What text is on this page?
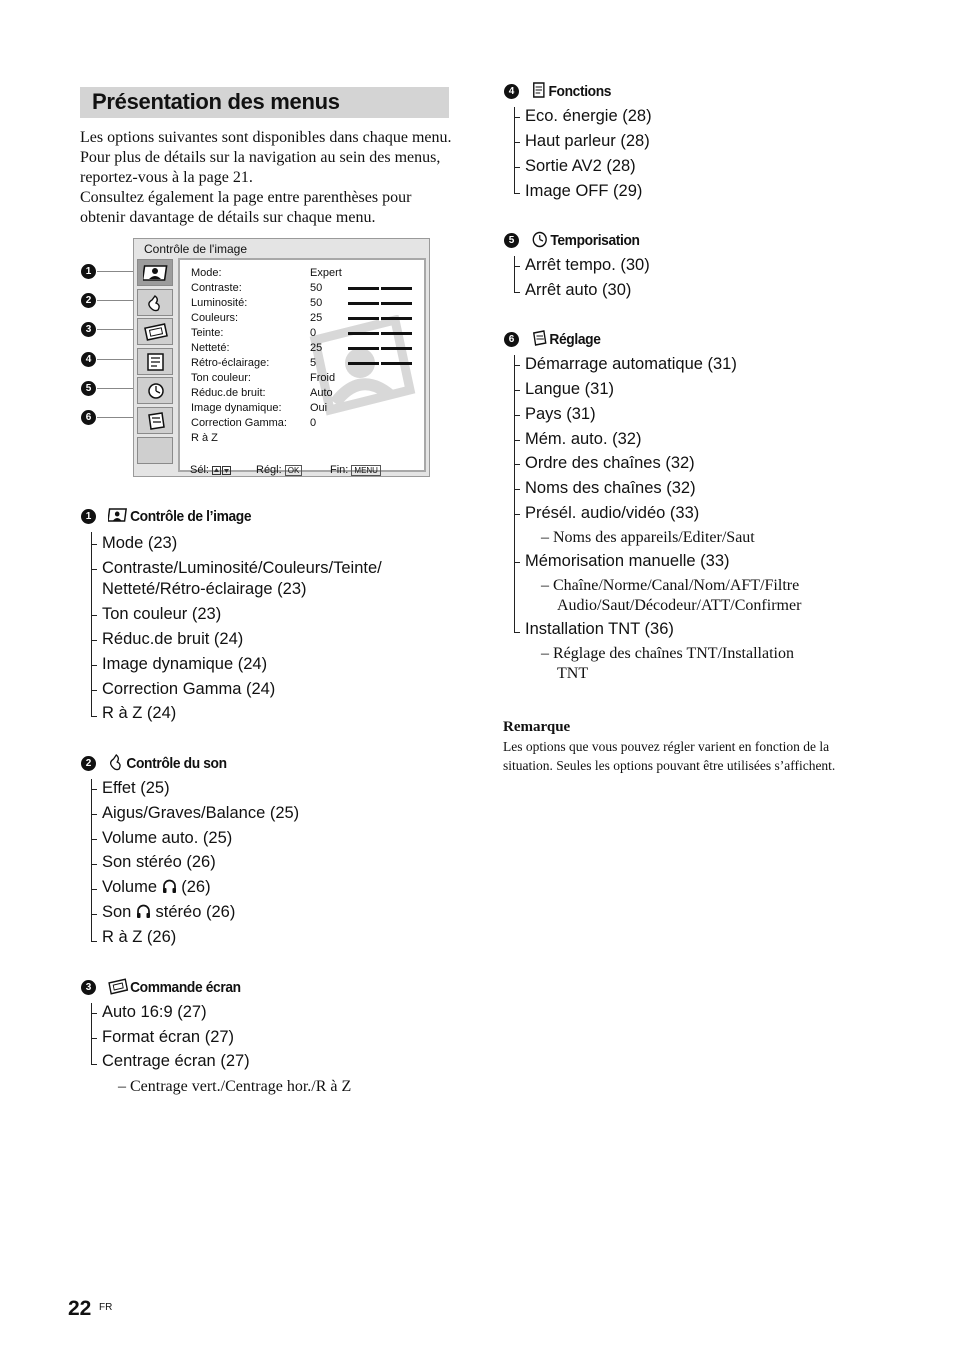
Présentation des menus

Les options suivantes sont disponibles dans chaque menu. Pour plus de détails sur la navigation au sein des menus, reportez-vous à la page 21.

Consultez également la page entre parenthèses pour obtenir davantage de détails sur chaque menu.

1
2
3
4
5
6
Contrôle de l'image
Mode:	Expert
Contraste:	50
Luminosité:	50
Couleurs:	25
Teinte:	0
Netteté:	25
Rétro-éclairage:	5
Ton couleur:	Froid
Réduc.de bruit:	Auto
Image dynamique:	Oui
Correction Gamma: 0
R à Z
Sél:	Régl: OK	Fin: MENU
1	Contrôle de l’image
Mode (23)
Contraste/Luminosité/Couleurs/Teinte/
Netteté/Rétro-éclairage (23)
Ton couleur (23)
Réduc.de bruit (24)
Image dynamique (24)
Correction Gamma (24)
R à Z (24)
2	Contrôle du son
Effet (25)
Aigus/Graves/Balance (25)
Volume auto. (25)
Son stéréo (26)
Volume (26)
Son stéréo (26)
R à Z (26)
3	Commande écran
Auto 16:9 (27)
Format écran (27)
Centrage écran (27)
– Centrage vert./Centrage hor./R à Z
4	Fonctions
Eco. énergie (28)
Haut parleur (28)
Sortie AV2 (28)
Image OFF (29)
5	Temporisation
Arrêt tempo. (30)
Arrêt auto (30)
6	Réglage
Démarrage automatique (31)
Langue (31)
Pays (31)
Mém. auto. (32)
Ordre des chaînes (32)
Noms des chaînes (32)
Présél. audio/vidéo (33)
– Noms des appareils/Editer/Saut
Mémorisation manuelle (33)
– Chaîne/Norme/Canal/Nom/AFT/Filtre
Audio/Saut/Décodeur/ATT/Confirmer
Installation TNT (36)
– Réglage des chaînes TNT/Installation
TNT
Remarque
Les options que vous pouvez régler varient en fonction de la situation. Seules les options pouvant être utilisées s’affichent.
22 FR
